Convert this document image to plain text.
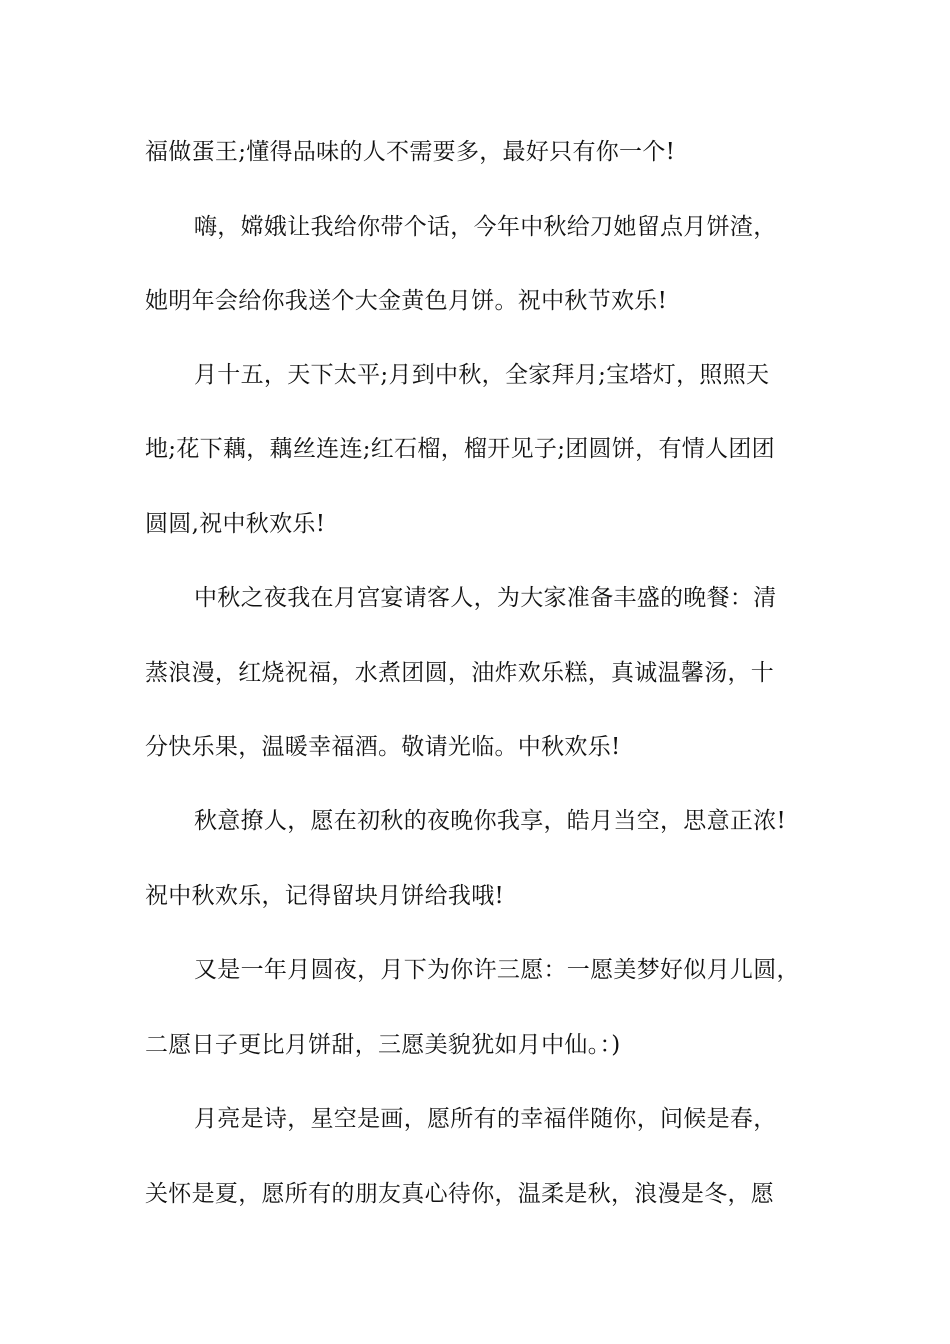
福做蛋王;懂得品味的人不需要多，最好只有你一个!
嗨，嫦娥让我给你带个话，今年中秋给刀她留点月饼渣，
她明年会给你我送个大金黄色月饼。祝中秋节欢乐!
月十五，天下太平;月到中秋，全家拜月;宝塔灯，照照天
地;花下藕，藕丝连连;红石榴，榴开见子;团圆饼，有情人团团
圆圆,祝中秋欢乐!
中秋之夜我在月宫宴请客人，为大家准备丰盛的晚餐：清
蒸浪漫，红烧祝福，水煮团圆，油炸欢乐糕，真诚温馨汤，十
分快乐果，温暖幸福酒。敬请光临。中秋欢乐!
秋意撩人，愿在初秋的夜晚你我享，皓月当空，思意正浓!
祝中秋欢乐，记得留块月饼给我哦!
又是一年月圆夜，月下为你许三愿：一愿美梦好似月儿圆，
二愿日子更比月饼甜，三愿美貌犹如月中仙。：)
月亮是诗，星空是画，愿所有的幸福伴随你，问候是春，
关怀是夏，愿所有的朋友真心待你，温柔是秋，浪漫是冬，愿
